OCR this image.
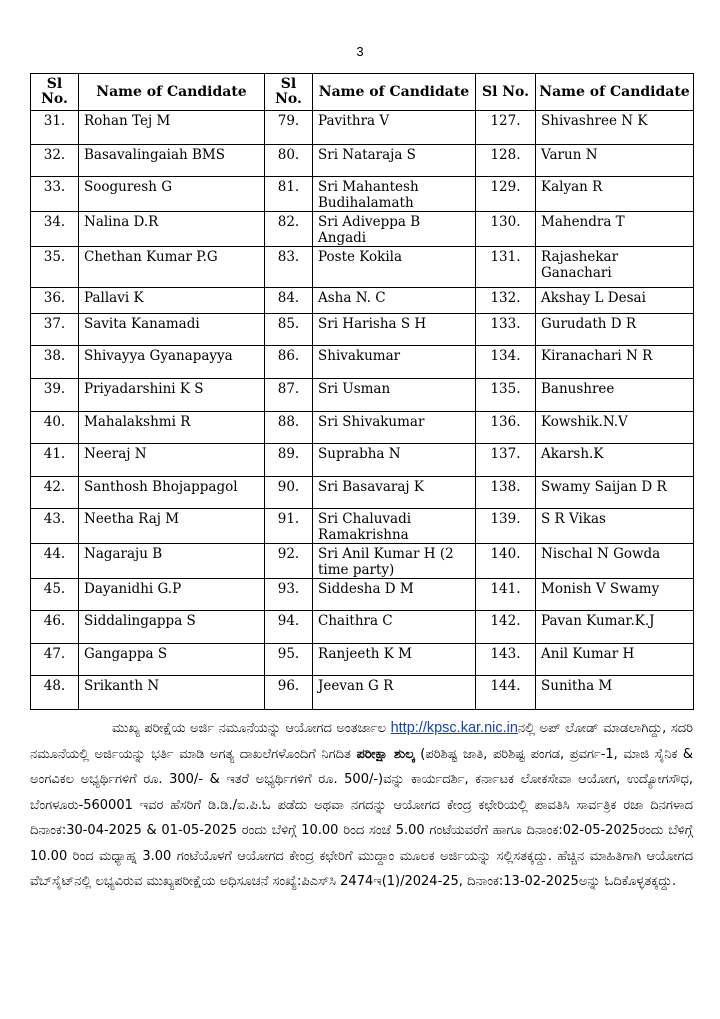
3
Sl No.	Name of Candidate	Sl No.	Name of Candidate	Sl No.	Name of Candidate
31.	Rohan Tej M	79.	Pavithra V	127.	Shivashree N K
32.	Basavalingaiah BMS	80.	Sri Nataraja S	128.	Varun N
33.	Sooguresh G	81.	Sri Mahantesh Budihalamath	129.	Kalyan R
34.	Nalina D.R	82.	Sri Adiveppa B Angadi	130.	Mahendra T
35.	Chethan Kumar P.G	83.	Poste Kokila	131.	Rajashekar Ganachari
36.	Pallavi K	84.	Asha N. C	132.	Akshay L Desai
37.	Savita Kanamadi	85.	Sri Harisha S H	133.	Gurudath D R
38.	Shivayya Gyanapayya	86.	Shivakumar	134.	Kiranachari N R
39.	Priyadarshini K S	87.	Sri Usman	135.	Banushree
40.	Mahalakshmi R	88.	Sri Shivakumar	136.	Kowshik.N.V
41.	Neeraj N	89.	Suprabha N	137.	Akarsh.K
42.	Santhosh Bhojappagol	90.	Sri Basavaraj K	138.	Swamy Saijan D R
43.	Neetha Raj M	91.	Sri Chaluvadi Ramakrishna	139.	S R Vikas
44.	Nagaraju B	92.	Sri Anil Kumar H (2 time party)	140.	Nischal N Gowda
45.	Dayanidhi G.P	93.	Siddesha D M	141.	Monish V Swamy
46.	Siddalingappa S	94.	Chaithra C	142.	Pavan Kumar.K.J
47.	Gangappa S	95.	Ranjeeth K M	143.	Anil Kumar H
48.	Srikanth N	96.	Jeevan G R	144.	Sunitha M
ಮುಖ್ಯ ಪರೀಕ್ಷೆಯ ಅರ್ಜಿ ನಮೂನೆಯನ್ನು ಆಯೋಗದ ಅಂತರ್ಜಾಲ http://kpsc.kar.nic.inನಲ್ಲಿ ಅಪ್ ಲೋಡ್ ಮಾಡಲಾಗಿದ್ದು, ಸದರಿ ನಮೂನೆಯಲ್ಲಿ ಅರ್ಜಿಯನ್ನು ಭರ್ತಿ ಮಾಡಿ ಅಗತ್ಯ ದಾಖಲೆಗಳೊಂದಿಗೆ ನಿಗದಿತ ಪರೀಕ್ಷಾ ಶುಲ್ಕ (ಪರಿಶಿಷ್ಟ ಜಾತಿ, ಪರಿಶಿಷ್ಟ ಪಂಗಡ, ಪ್ರವರ್ಗ-1, ಮಾಜಿ ಸೈನಿಕ & ಅಂಗವಿಕಲ ಅಭ್ಯರ್ಥಿಗಳಿಗೆ ರೂ. 300/- & ಇತರೆ ಅಭ್ಯರ್ಥಿಗಳಿಗೆ ರೂ. 500/-)ವನ್ನು ಕಾರ್ಯದರ್ಶಿ, ಕರ್ನಾಟಕ ಲೋಕಸೇವಾ ಆಯೋಗ, ಉದ್ಯೋಗಸೌಧ, ಬೆಂಗಳೂರು-560001 ಇವರ ಹೆಸರಿಗೆ ಡಿ.ಡಿ./ಐ.ಪಿ.ಓ ಪಡೆದು ಅಥವಾ ನಗದನ್ನು ಆಯೋಗದ ಕೇಂದ್ರ ಕಛೇರಿಯಲ್ಲಿ ಪಾವತಿಸಿ ಸಾರ್ವತ್ರಿಕ ರಜಾ ದಿನಗಳಾದ ದಿನಾಂಕ:30-04-2025 & 01-05-2025 ರಂದು ಬೆಳಿಗ್ಗೆ 10.00 ರಿಂದ ಸಂಜೆ 5.00 ಗಂಟೆಯವರೆಗೆ ಹಾಗೂ ದಿನಾಂಕ:02-05-2025ರಂದು ಬೆಳಿಗ್ಗೆ 10.00 ರಿಂದ ಮಧ್ಯಾಹ್ನ 3.00 ಗಂಟೆಯೊಳಗೆ ಆಯೋಗದ ಕೇಂದ್ರ ಕಛೇರಿಗೆ ಮುದ್ದಾಂ ಮೂಲಕ ಅರ್ಜಿಯನ್ನು ಸಲ್ಲಿಸತಕ್ಕದ್ದು. ಹೆಚ್ಚಿನ ಮಾಹಿತಿಗಾಗಿ ಆಯೋಗದ ವೆಬ್‌ಸೈಟ್‌ನಲ್ಲಿ ಲಭ್ಯವಿರುವ ಮುಖ್ಯಪರೀಕ್ಷೆಯ ಅಧಿಸೂಚನೆ ಸಂಖ್ಯೆ:ಪಿಎಸ್‌ಸಿ 2474ಇ(1)/2024-25, ದಿನಾಂಕ:13-02-2025ಅನ್ನು ಓದಿಕೊಳ್ಳತಕ್ಕದ್ದು.
